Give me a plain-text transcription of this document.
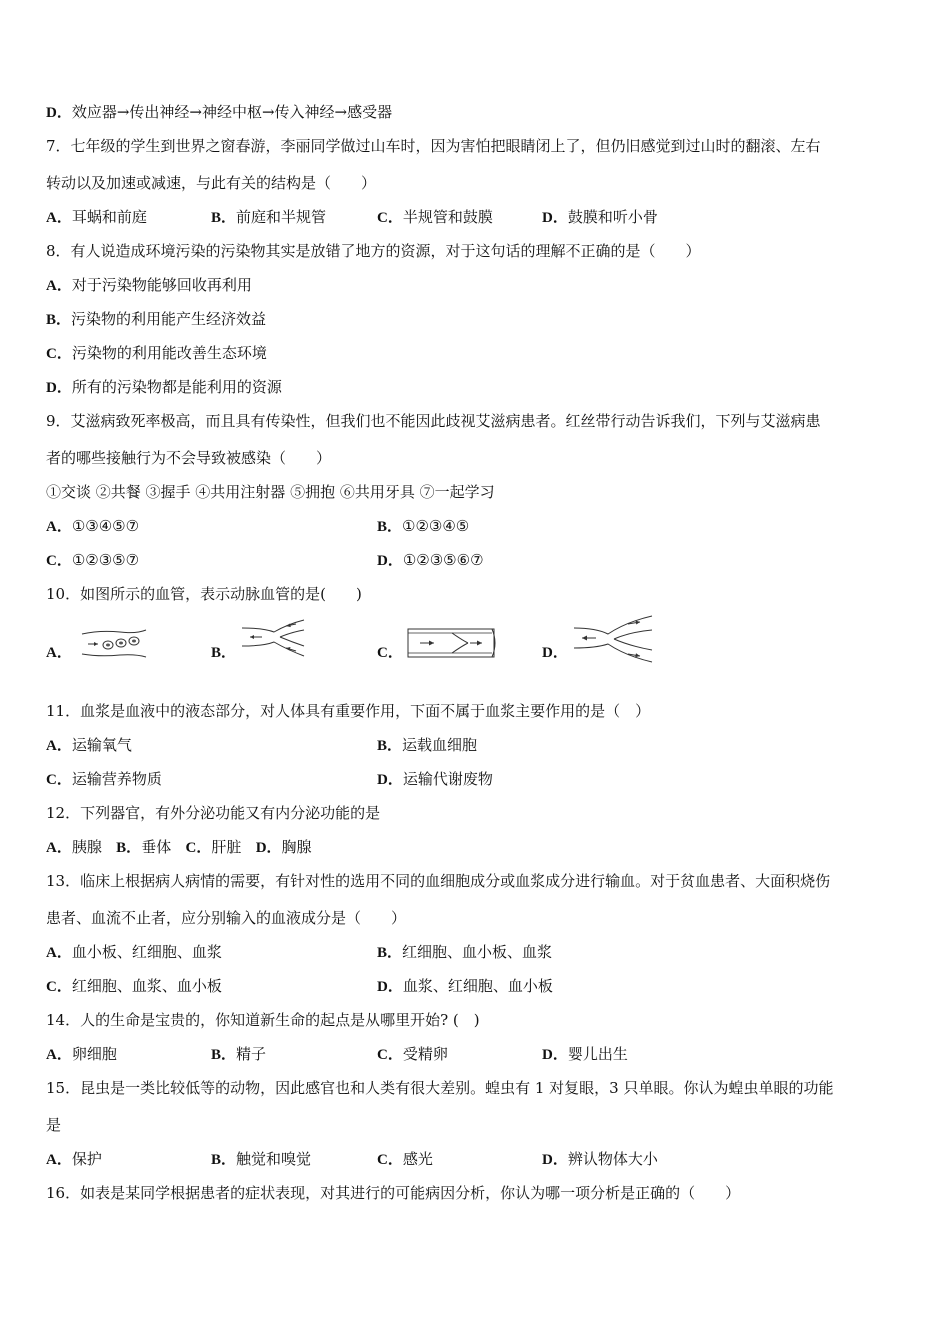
D．效应器→传出神经→神经中枢→传入神经→感受器
7．七年级的学生到世界之窗春游，李丽同学做过山车时，因为害怕把眼睛闭上了，但仍旧感觉到过山时的翻滚、左右
转动以及加速或减速，与此有关的结构是（　　）
A．耳蜗和前庭	B．前庭和半规管	C．半规管和鼓膜	D．鼓膜和听小骨
8．有人说造成环境污染的污染物其实是放错了地方的资源，对于这句话的理解不正确的是（　　）
A．对于污染物能够回收再利用
B．污染物的利用能产生经济效益
C．污染物的利用能改善生态环境
D．所有的污染物都是能利用的资源
9．艾滋病致死率极高，而且具有传染性，但我们也不能因此歧视艾滋病患者。红丝带行动告诉我们，下列与艾滋病患
者的哪些接触行为不会导致被感染（　　）
①交谈 ②共餐 ③握手 ④共用注射器 ⑤拥抱 ⑥共用牙具 ⑦一起学习
A．①③④⑤⑦	B．①②③④⑤
C．①②③⑤⑦	D．①②③⑤⑥⑦
10．如图所示的血管，表示动脉血管的是(　　)
A．	B．	C．	D．
11．血浆是血液中的液态部分，对人体具有重要作用，下面不属于血浆主要作用的是（　）
A．运输氧气	B．运载血细胞
C．运输营养物质	D．运输代谢废物
12．下列器官，有外分泌功能又有内分泌功能的是
A．胰腺 B．垂体 C．肝脏 D．胸腺
13．临床上根据病人病情的需要，有针对性的选用不同的血细胞成分或血浆成分进行输血。对于贫血患者、大面积烧伤
患者、血流不止者，应分别输入的血液成分是（　　）
A．血小板、红细胞、血浆	B．红细胞、血小板、血浆
C．红细胞、血浆、血小板	D．血浆、红细胞、血小板
14．人的生命是宝贵的，你知道新生命的起点是从哪里开始? (　)
A．卵细胞	B．精子	C．受精卵	D．婴儿出生
15．昆虫是一类比较低等的动物，因此感官也和人类有很大差别。蝗虫有 1 对复眼，3 只单眼。你认为蝗虫单眼的功能
是
A．保护	B．触觉和嗅觉	C．感光	D．辨认物体大小
16．如表是某同学根据患者的症状表现，对其进行的可能病因分析，你认为哪一项分析是正确的（　　）
